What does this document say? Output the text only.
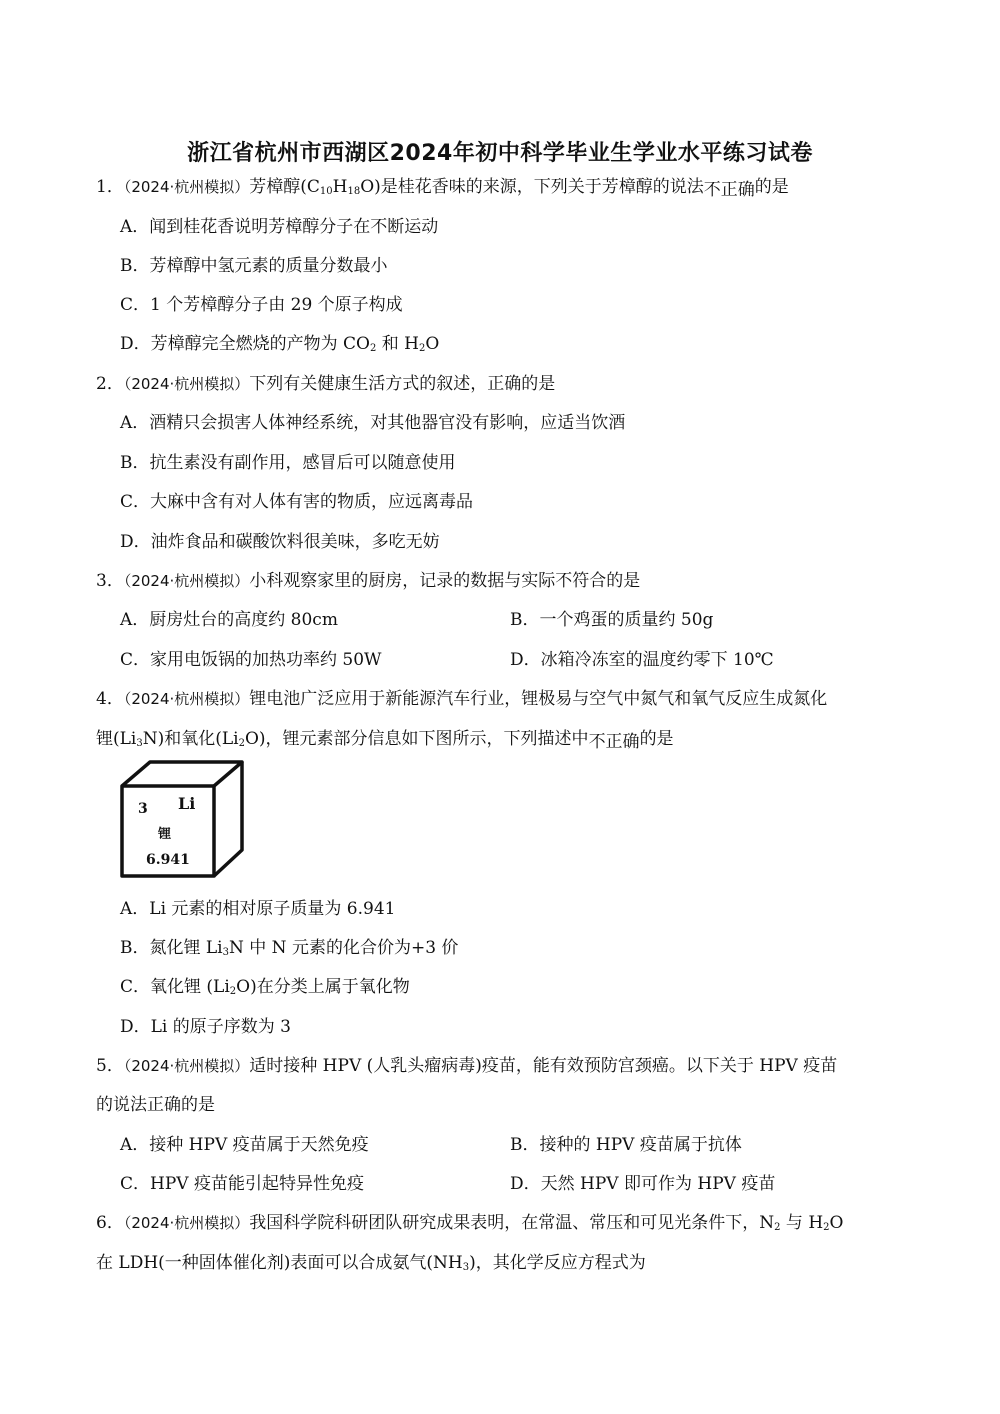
浙江省杭州市西湖区2024年初中科学毕业生学业水平练习试卷
1．（2024·杭州模拟）芳樟醇$(C_{10}H_{18}O)$是桂花香味的来源，下列关于芳樟醇的说法不正确的是
A．闻到桂花香说明芳樟醇分子在不断运动
B．芳樟醇中氢元素的质量分数最小
C．1 个芳樟醇分子由 29 个原子构成
D．芳樟醇完全燃烧的产物为 $CO_2$ 和 $H_2O$
2．（2024·杭州模拟）下列有关健康生活方式的叙述，正确的是
A．酒精只会损害人体神经系统，对其他器官没有影响，应适当饮酒
B．抗生素没有副作用，感冒后可以随意使用
C．大麻中含有对人体有害的物质，应远离毒品
D．油炸食品和碳酸饮料很美味，多吃无妨
3．（2024·杭州模拟）小科观察家里的厨房，记录的数据与实际不符合的是
A．厨房灶台的高度约 80cm	B．一个鸡蛋的质量约 50g
C．家用电饭锅的加热功率约 50W	D．冰箱冷冻室的温度约零下 10℃
4．（2024·杭州模拟）锂电池广泛应用于新能源汽车行业，锂极易与空气中氮气和氧气反应生成氮化
锂$(Li_3N)$和氧化$(Li_2O)$，锂元素部分信息如下图所示，下列描述中不正确的是
3 Li
锂
6.941
A．Li 元素的相对原子质量为 6.941
B．氮化锂 $Li_3N$ 中 N 元素的化合价为+3 价
C．氧化锂 $(Li_2O)$在分类上属于氧化物
D．Li 的原子序数为 3
5．（2024·杭州模拟）适时接种 HPV (人乳头瘤病毒)疫苗，能有效预防宫颈癌。以下关于 HPV 疫苗
的说法正确的是
A．接种 HPV 疫苗属于天然免疫	B．接种的 HPV 疫苗属于抗体
C．HPV 疫苗能引起特异性免疫	D．天然 HPV 即可作为 HPV 疫苗
6．（2024·杭州模拟）我国科学院科研团队研究成果表明，在常温、常压和可见光条件下，$N_2$ 与 $H_2O$
在 LDH(一种固体催化剂)表面可以合成氨气$(NH_3)$，其化学反应方程式为
